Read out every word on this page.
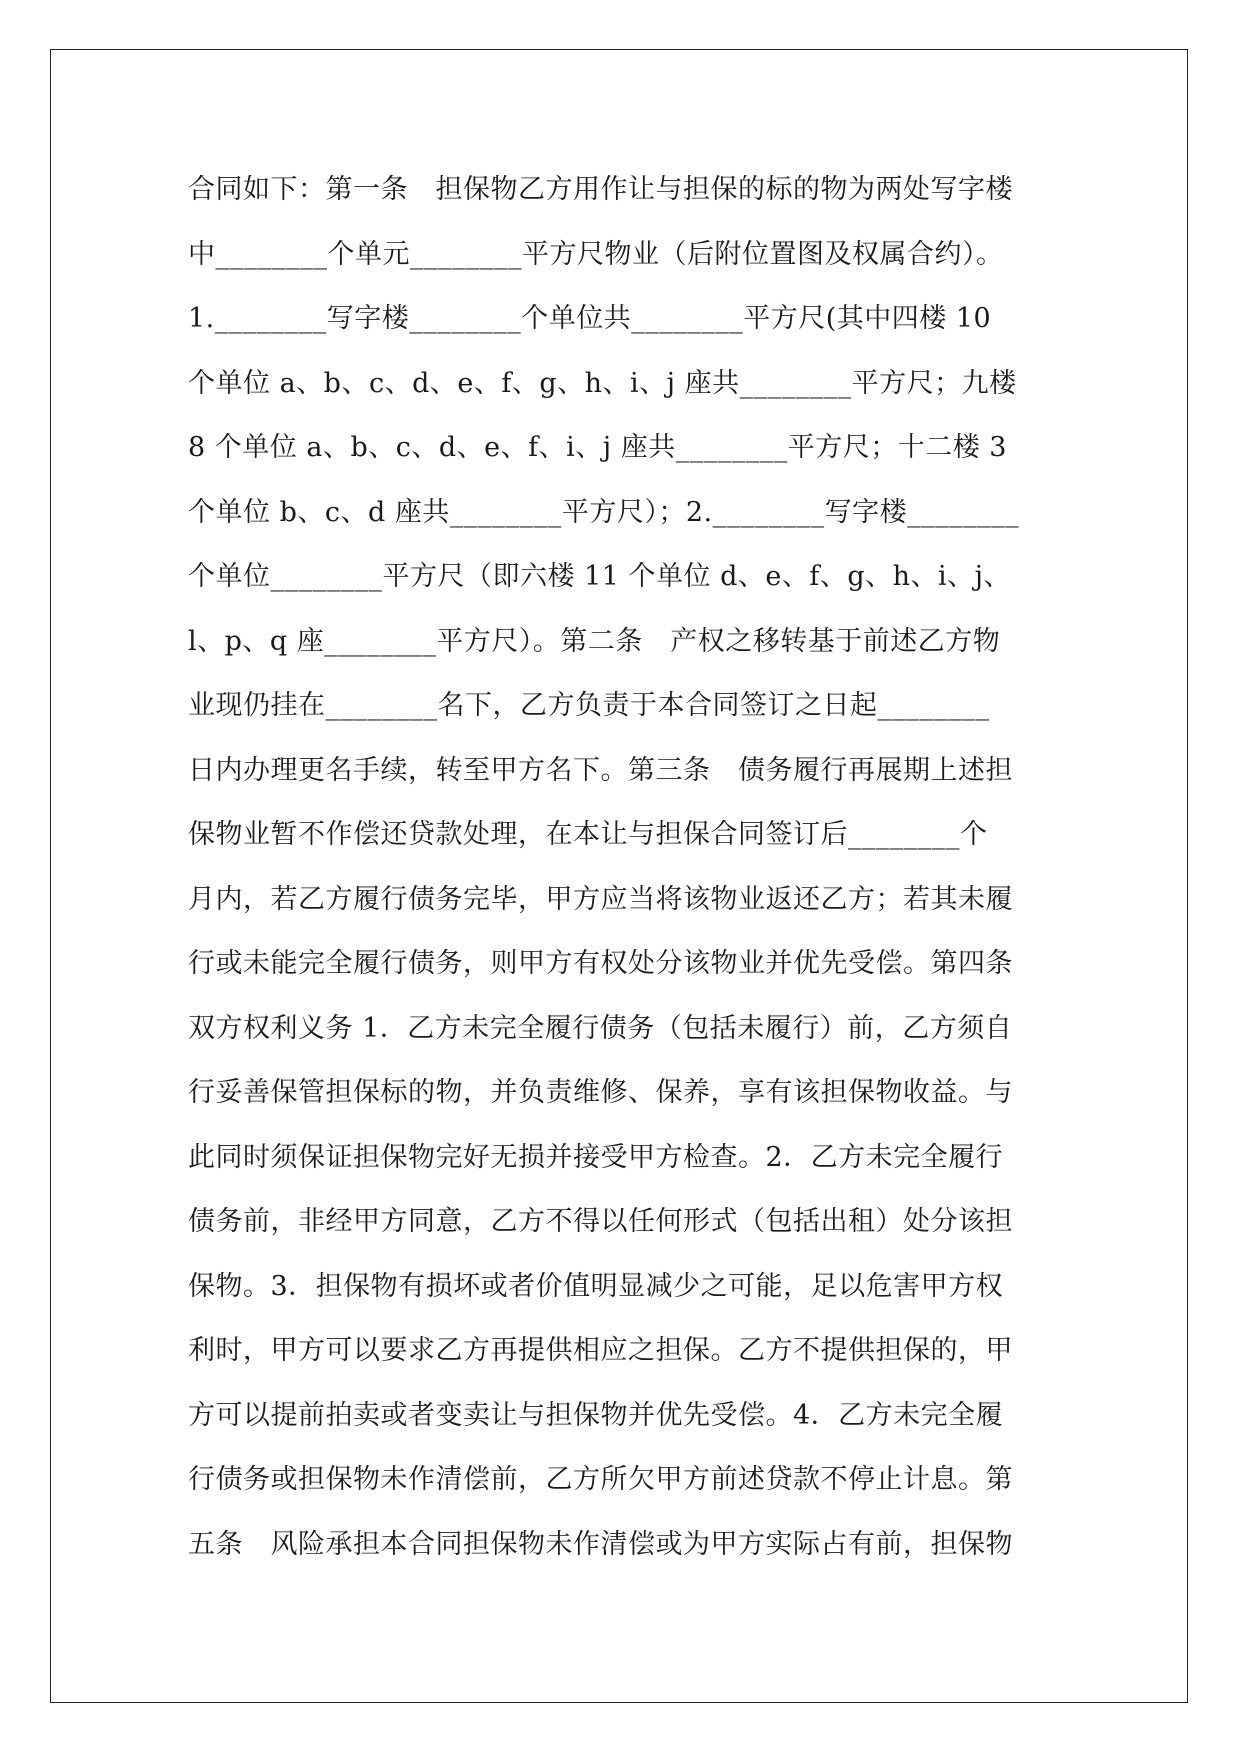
合同如下：第一条　担保物乙方用作让与担保的标的物为两处写字楼
中________个单元________平方尺物业（后附位置图及权属合约）。
1.________写字楼________个单位共________平方尺(其中四楼 10
个单位 a、b、c、d、e、f、g、h、i、j 座共________平方尺；九楼
8 个单位 a、b、c、d、e、f、i、j 座共________平方尺；十二楼 3
个单位 b、c、d 座共________平方尺）；2.________写字楼________
个单位________平方尺（即六楼 11 个单位 d、e、f、g、h、i、j、
l、p、q 座________平方尺）。第二条　产权之移转基于前述乙方物
业现仍挂在________名下，乙方负责于本合同签订之日起________
日内办理更名手续，转至甲方名下。第三条　债务履行再展期上述担
保物业暂不作偿还贷款处理，在本让与担保合同签订后________个
月内，若乙方履行债务完毕，甲方应当将该物业返还乙方；若其未履
行或未能完全履行债务，则甲方有权处分该物业并优先受偿。第四条
双方权利义务 1．乙方未完全履行债务（包括未履行）前，乙方须自
行妥善保管担保标的物，并负责维修、保养，享有该担保物收益。与
此同时须保证担保物完好无损并接受甲方检查。2．乙方未完全履行
债务前，非经甲方同意，乙方不得以任何形式（包括出租）处分该担
保物。3．担保物有损坏或者价值明显减少之可能，足以危害甲方权
利时，甲方可以要求乙方再提供相应之担保。乙方不提供担保的，甲
方可以提前拍卖或者变卖让与担保物并优先受偿。4．乙方未完全履
行债务或担保物未作清偿前，乙方所欠甲方前述贷款不停止计息。第
五条　风险承担本合同担保物未作清偿或为甲方实际占有前，担保物
